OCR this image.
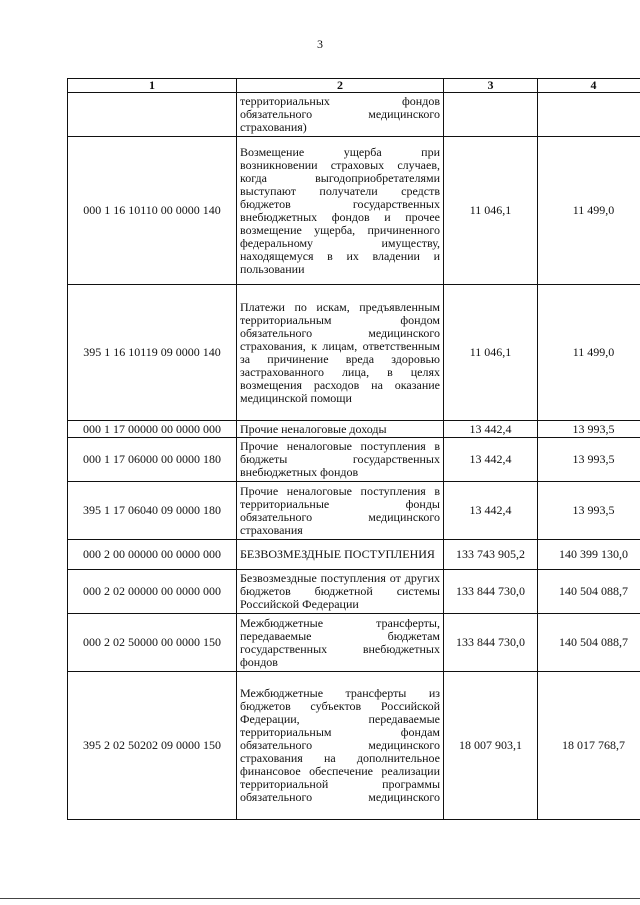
3
1	2	3	4
	территориальных фондов обязательного медицинского страхования)		
000 1 16 10110 00 0000 140	Возмещение ущерба при возникновении страховых случаев, когда выгодоприобретателями выступают получатели средств бюджетов государственных внебюджетных фондов и прочее возмещение ущерба, причиненного федеральному имуществу, находящемуся в их владении и пользовании	11 046,1	11 499,0
395 1 16 10119 09 0000 140	Платежи по искам, предъявленным территориальным фондом обязательного медицинского страхования, к лицам, ответственным за причинение вреда здоровью застрахованного лица, в целях возмещения расходов на оказание медицинской помощи	11 046,1	11 499,0
000 1 17 00000 00 0000 000	Прочие неналоговые доходы	13 442,4	13 993,5
000 1 17 06000 00 0000 180	Прочие неналоговые поступления в бюджеты государственных внебюджетных фондов	13 442,4	13 993,5
395 1 17 06040 09 0000 180	Прочие неналоговые поступления в территориальные фонды обязательного медицинского страхования	13 442,4	13 993,5
000 2 00 00000 00 0000 000	БЕЗВОЗМЕЗДНЫЕ ПОСТУПЛЕНИЯ	133 743 905,2	140 399 130,0
000 2 02 00000 00 0000 000	Безвозмездные поступления от других бюджетов бюджетной системы Российской Федерации	133 844 730,0	140 504 088,7
000 2 02 50000 00 0000 150	Межбюджетные трансферты, передаваемые бюджетам государственных внебюджетных фондов	133 844 730,0	140 504 088,7
395 2 02 50202 09 0000 150	Межбюджетные трансферты из бюджетов субъектов Российской Федерации, передаваемые территориальным фондам обязательного медицинского страхования на дополнительное финансовое обеспечение реализации территориальной программы обязательного медицинского	18 007 903,1	18 017 768,7
